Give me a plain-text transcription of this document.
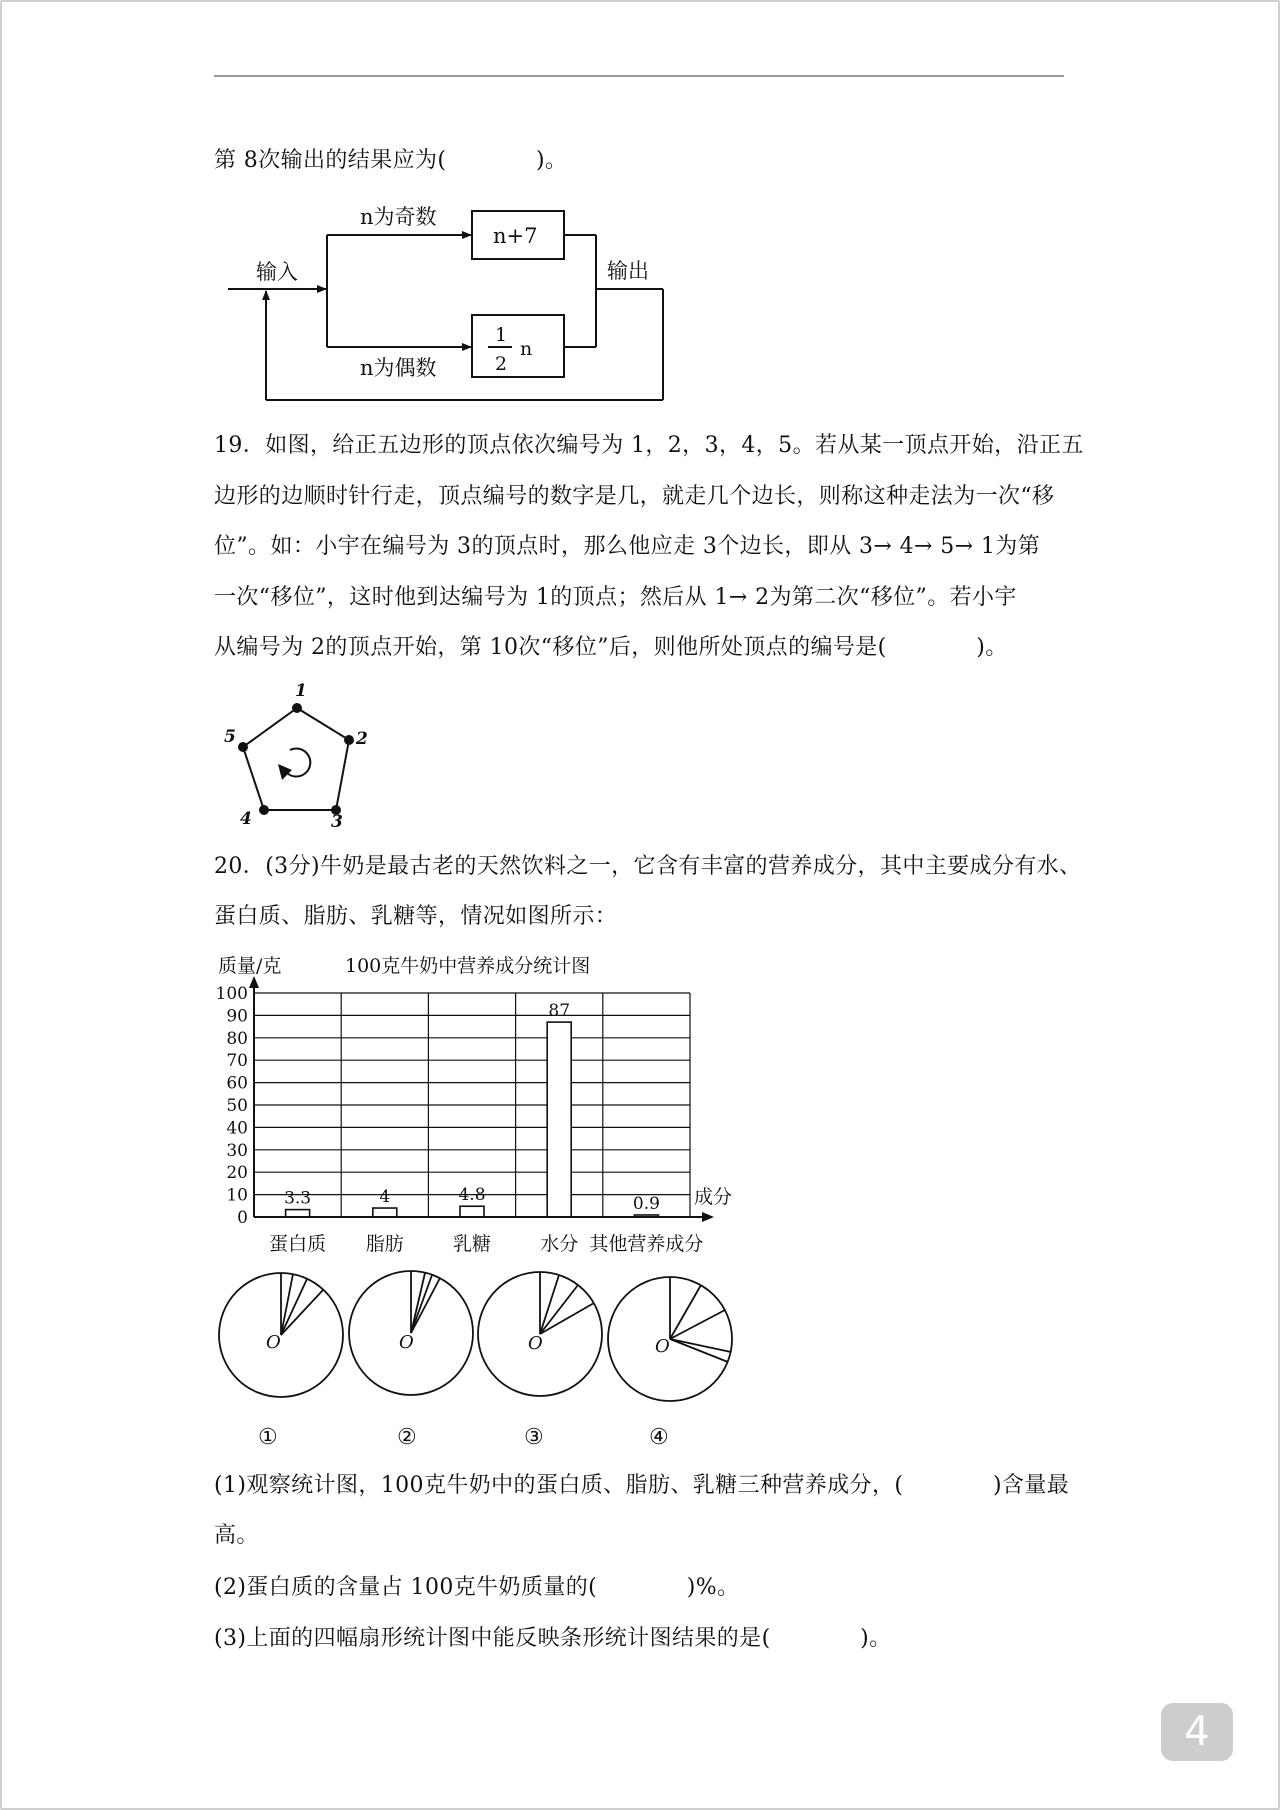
第 8次输出的结果应为(　　　　)。
n为奇数
n为偶数
输入	输出
n+7
1
2
n
19．如图，给正五边形的顶点依次编号为 1，2，3，4，5。若从某一顶点开始，沿正五
边形的边顺时针行走，顶点编号的数字是几，就走几个边长，则称这种走法为一次“移
位”。如：小宇在编号为 3的顶点时，那么他应走 3个边长，即从 3→ 4→ 5→ 1为第
一次“移位”，这时他到达编号为 1的顶点；然后从 1→ 2为第二次“移位”。若小宇
从编号为 2的顶点开始，第 10次“移位”后，则他所处顶点的编号是(　　　　)。
1
2
3
4
5
20．(3分)牛奶是最古老的天然饮料之一，它含有丰富的营养成分，其中主要成分有水、
蛋白质、脂肪、乳糖等，情况如图所示：
质量/克	100克牛奶中营养成分统计图
成分
0
10
20
30
40
50
60
70
80
90
100
3.3	4	4.8
87
0.9
蛋白质 脂肪	乳糖	水分 其他营养成分
O	O	O	O
①	②	③	④
(1)观察统计图，100克牛奶中的蛋白质、脂肪、乳糖三种营养成分，(　　　　)含量最
高。
(2)蛋白质的含量占 100克牛奶质量的(　　　　)%。
(3)上面的四幅扇形统计图中能反映条形统计图结果的是(　　　　)。
4
